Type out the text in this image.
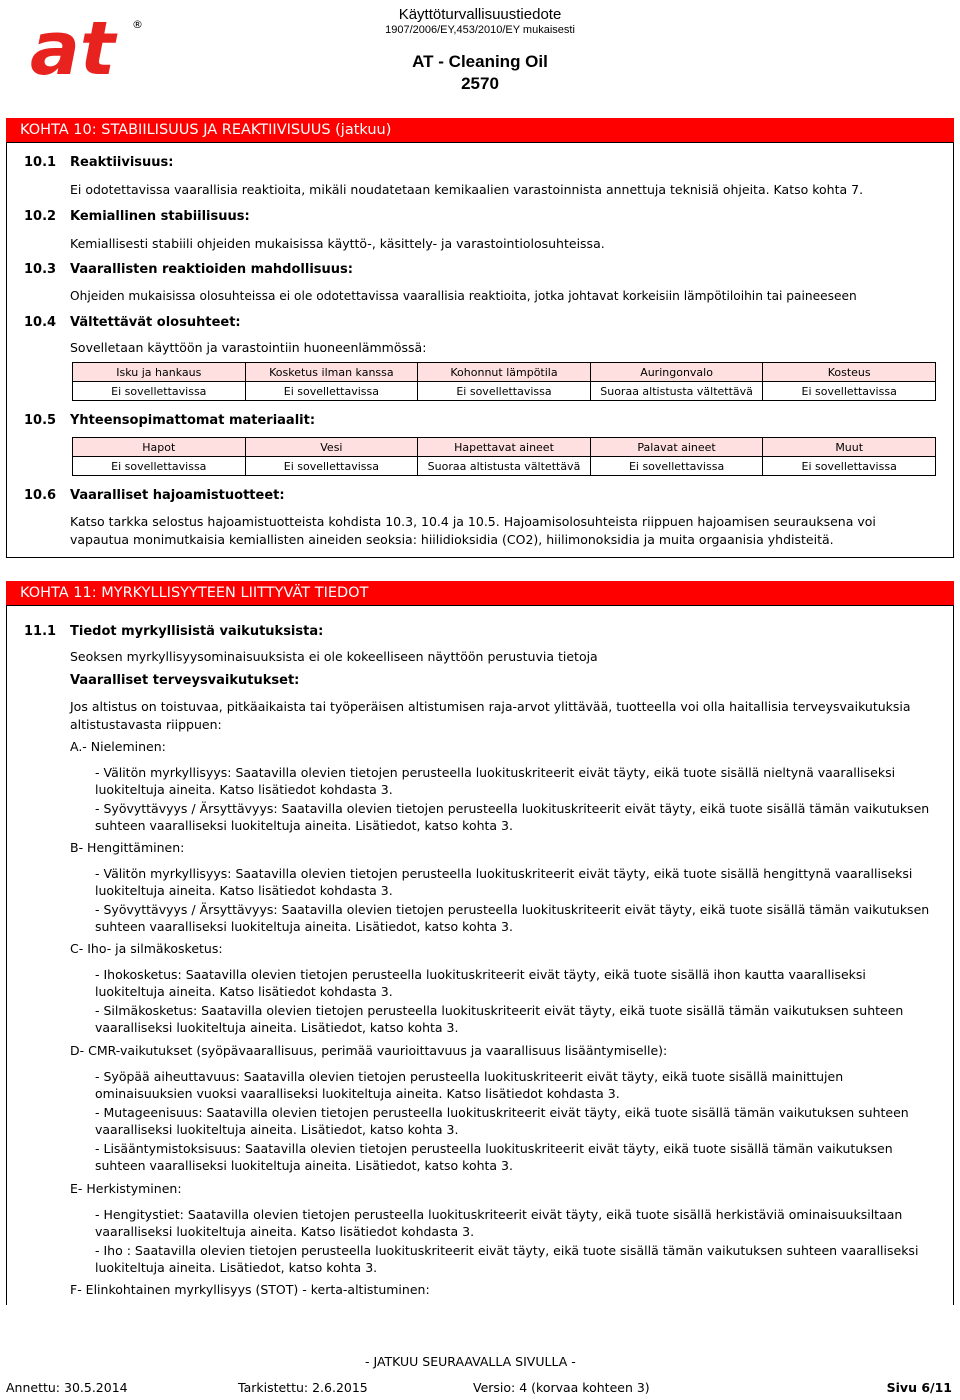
at ®
Käyttöturvallisuustiedote
1907/2006/EY,453/2010/EY mukaisesti
AT - Cleaning Oil
2570
KOHTA 10: STABIILISUUS JA REAKTIIVISUUS (jatkuu)
10.1 Reaktiivisuus:
Ei odotettavissa vaarallisia reaktioita, mikäli noudatetaan kemikaalien varastoinnista annettuja teknisiä ohjeita. Katso kohta 7.
10.2 Kemiallinen stabiilisuus:
Kemiallisesti stabiili ohjeiden mukaisissa käyttö-, käsittely- ja varastointiolosuhteissa.
10.3 Vaarallisten reaktioiden mahdollisuus:
Ohjeiden mukaisissa olosuhteissa ei ole odotettavissa vaarallisia reaktioita, jotka johtavat korkeisiin lämpötiloihin tai paineeseen
10.4 Vältettävät olosuhteet:
Sovelletaan käyttöön ja varastointiin huoneenlämmössä:
Isku ja hankaus	Kosketus ilman kanssa	Kohonnut lämpötila	Auringonvalo	Kosteus
Ei sovellettavissa	Ei sovellettavissa	Ei sovellettavissa	Suoraa altistusta vältettävä	Ei sovellettavissa
10.5 Yhteensopimattomat materiaalit:
Hapot	Vesi	Hapettavat aineet	Palavat aineet	Muut
Ei sovellettavissa	Ei sovellettavissa	Suoraa altistusta vältettävä	Ei sovellettavissa	Ei sovellettavissa
10.6 Vaaralliset hajoamistuotteet:
Katso tarkka selostus hajoamistuotteista kohdista 10.3, 10.4 ja 10.5. Hajoamisolosuhteista riippuen hajoamisen seurauksena voi vapautua monimutkaisia kemiallisten aineiden seoksia: hiilidioksidia (CO2), hiilimonoksidia ja muita orgaanisia yhdisteitä.
KOHTA 11: MYRKYLLISYYTEEN LIITTYVÄT TIEDOT
11.1 Tiedot myrkyllisistä vaikutuksista:
Seoksen myrkyllisyysominaisuuksista ei ole kokeelliseen näyttöön perustuvia tietoja
Vaaralliset terveysvaikutukset:
Jos altistus on toistuvaa, pitkäaikaista tai työperäisen altistumisen raja-arvot ylittävää, tuotteella voi olla haitallisia terveysvaikutuksia altistustavasta riippuen:
A.- Nieleminen:
- Välitön myrkyllisyys: Saatavilla olevien tietojen perusteella luokituskriteerit eivät täyty, eikä tuote sisällä nieltynä vaaralliseksi luokiteltuja aineita. Katso lisätiedot kohdasta 3.
- Syövyttävyys / Ärsyttävyys: Saatavilla olevien tietojen perusteella luokituskriteerit eivät täyty, eikä tuote sisällä tämän vaikutuksen suhteen vaaralliseksi luokiteltuja aineita. Lisätiedot, katso kohta 3.
B- Hengittäminen:
- Välitön myrkyllisyys: Saatavilla olevien tietojen perusteella luokituskriteerit eivät täyty, eikä tuote sisällä hengittynä vaaralliseksi luokiteltuja aineita. Katso lisätiedot kohdasta 3.
- Syövyttävyys / Ärsyttävyys: Saatavilla olevien tietojen perusteella luokituskriteerit eivät täyty, eikä tuote sisällä tämän vaikutuksen suhteen vaaralliseksi luokiteltuja aineita. Lisätiedot, katso kohta 3.
C- Iho- ja silmäkosketus:
- Ihokosketus: Saatavilla olevien tietojen perusteella luokituskriteerit eivät täyty, eikä tuote sisällä ihon kautta vaaralliseksi luokiteltuja aineita. Katso lisätiedot kohdasta 3.
- Silmäkosketus: Saatavilla olevien tietojen perusteella luokituskriteerit eivät täyty, eikä tuote sisällä tämän vaikutuksen suhteen vaaralliseksi luokiteltuja aineita. Lisätiedot, katso kohta 3.
D- CMR-vaikutukset (syöpävaarallisuus, perimää vaurioittavuus ja vaarallisuus lisääntymiselle):
- Syöpää aiheuttavuus: Saatavilla olevien tietojen perusteella luokituskriteerit eivät täyty, eikä tuote sisällä mainittujen ominaisuuksien vuoksi vaaralliseksi luokiteltuja aineita. Katso lisätiedot kohdasta 3.
- Mutageenisuus: Saatavilla olevien tietojen perusteella luokituskriteerit eivät täyty, eikä tuote sisällä tämän vaikutuksen suhteen vaaralliseksi luokiteltuja aineita. Lisätiedot, katso kohta 3.
- Lisääntymistoksisuus: Saatavilla olevien tietojen perusteella luokituskriteerit eivät täyty, eikä tuote sisällä tämän vaikutuksen suhteen vaaralliseksi luokiteltuja aineita. Lisätiedot, katso kohta 3.
E- Herkistyminen:
- Hengitystiet: Saatavilla olevien tietojen perusteella luokituskriteerit eivät täyty, eikä tuote sisällä herkistäviä ominaisuuksiltaan vaaralliseksi luokiteltuja aineita. Katso lisätiedot kohdasta 3.
- Iho : Saatavilla olevien tietojen perusteella luokituskriteerit eivät täyty, eikä tuote sisällä tämän vaikutuksen suhteen vaaralliseksi luokiteltuja aineita. Lisätiedot, katso kohta 3.
F- Elinkohtainen myrkyllisyys (STOT) - kerta-altistuminen:
- JATKUU SEURAAVALLA SIVULLA -
Annettu: 30.5.2014	Tarkistettu: 2.6.2015	Versio: 4 (korvaa kohteen 3)	Sivu 6/11
